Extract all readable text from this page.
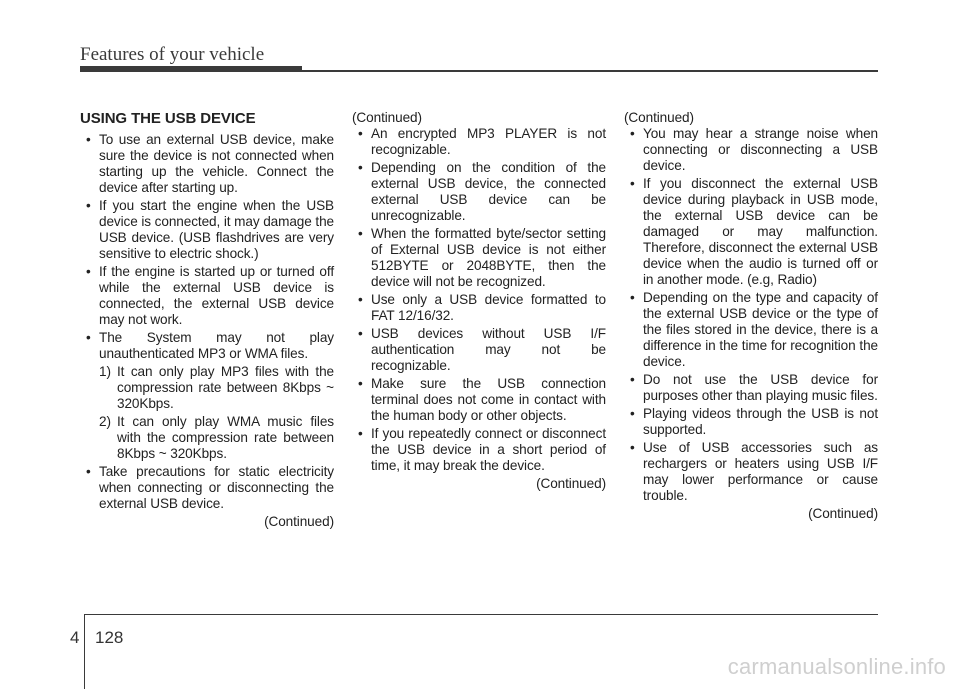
Features of your vehicle
USING THE USB DEVICE
• To use an external USB device, make sure the device is not connected when starting up the vehicle. Connect the device after starting up.
• If you start the engine when the USB device is connected, it may damage the USB device. (USB flashdrives are very sensitive to electric shock.)
• If the engine is started up or turned off while the external USB device is connected, the external USB device may not work.
• The System may not play unauthenticated MP3 or WMA files.
1) It can only play MP3 files with the compression rate between 8Kbps ~ 320Kbps.
2) It can only play WMA music files with the compression rate between 8Kbps ~ 320Kbps.
• Take precautions for static electricity when connecting or disconnecting the external USB device.

(Continued)

(Continued)

• An encrypted MP3 PLAYER is not recognizable.
• Depending on the condition of the external USB device, the connected external USB device can be unrecognizable.
• When the formatted byte/sector setting of External USB device is not either 512BYTE or 2048BYTE, then the device will not be recognized.
• Use only a USB device formatted to FAT 12/16/32.
• USB devices without USB I/F authentication may not be recognizable.
• Make sure the USB connection terminal does not come in contact with the human body or other objects.
• If you repeatedly connect or disconnect the USB device in a short period of time, it may break the device.

(Continued)

(Continued)

• You may hear a strange noise when connecting or disconnecting a USB device.
• If you disconnect the external USB device during playback in USB mode, the external USB device can be damaged or may malfunction. Therefore, disconnect the external USB device when the audio is turned off or in another mode. (e.g, Radio)
• Depending on the type and capacity of the external USB device or the type of the files stored in the device, there is a difference in the time for recognition the device.
• Do not use the USB device for purposes other than playing music files.
• Playing videos through the USB is not supported.
• Use of USB accessories such as rechargers or heaters using USB I/F may lower performance or cause trouble.

(Continued)

4 128
carmanualsonline.info
